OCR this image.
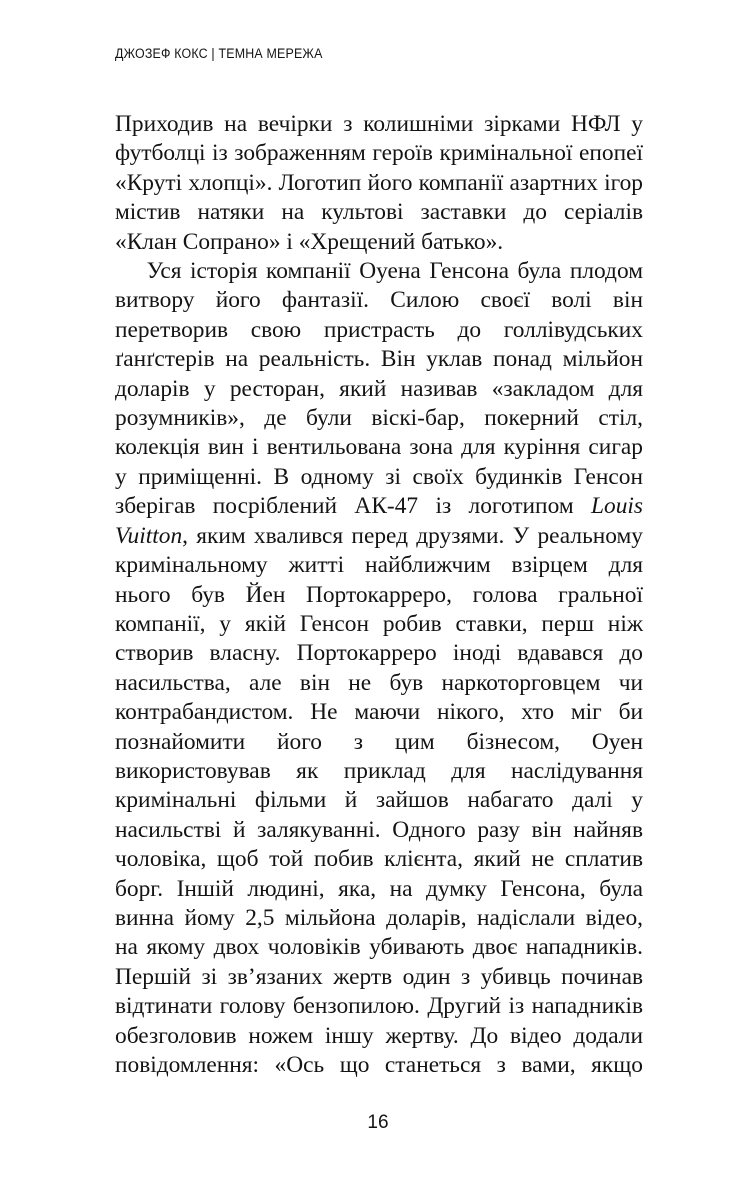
ДЖОЗЕФ КОКС | ТЕМНА МЕРЕЖА

Приходив на вечірки з колишніми зірками НФЛ у футболці із зображенням героїв кримінальної епопеї «Круті хлопці». Логотип його компанії азартних ігор містив натяки на культові заставки до серіалів «Клан Сопрано» і «Хрещений батько».

Уся історія компанії Оуена Генсона була плодом витвору його фантазії. Силою своєї волі він перетворив свою пристрасть до голлівудських ґанґстерів на реальність. Він уклав понад мільйон доларів у ресторан, який називав «закладом для розумників», де були віскі-бар, покерний стіл, колекція вин і вентильована зона для куріння сигар у приміщенні. В одному зі своїх будинків Генсон зберігав посріблений АК-47 із логотипом Louis Vuitton, яким хвалився перед друзями. У реальному кримінальному житті найближчим взірцем для нього був Йен Портокарреро, голова гральної компанії, у якій Генсон робив ставки, перш ніж створив власну. Портокарреро іноді вдавався до насильства, але він не був наркоторговцем чи контрабандистом. Не маючи нікого, хто міг би познайомити його з цим бізнесом, Оуен використовував як приклад для наслідування кримінальні фільми й зайшов набагато далі у насильстві й залякуванні. Одного разу він найняв чоловіка, щоб той побив клієнта, який не сплатив борг. Іншій людині, яка, на думку Генсона, була винна йому 2,5 мільйона доларів, надіслали відео, на якому двох чоловіків убивають двоє нападників. Першій зі зв’язаних жертв один з убивць починав відтинати голову бензопилою. Другий із нападників обезголовив ножем іншу жертву. До відео додали повідомлення: «Ось що станеться з вами, якщо

16
